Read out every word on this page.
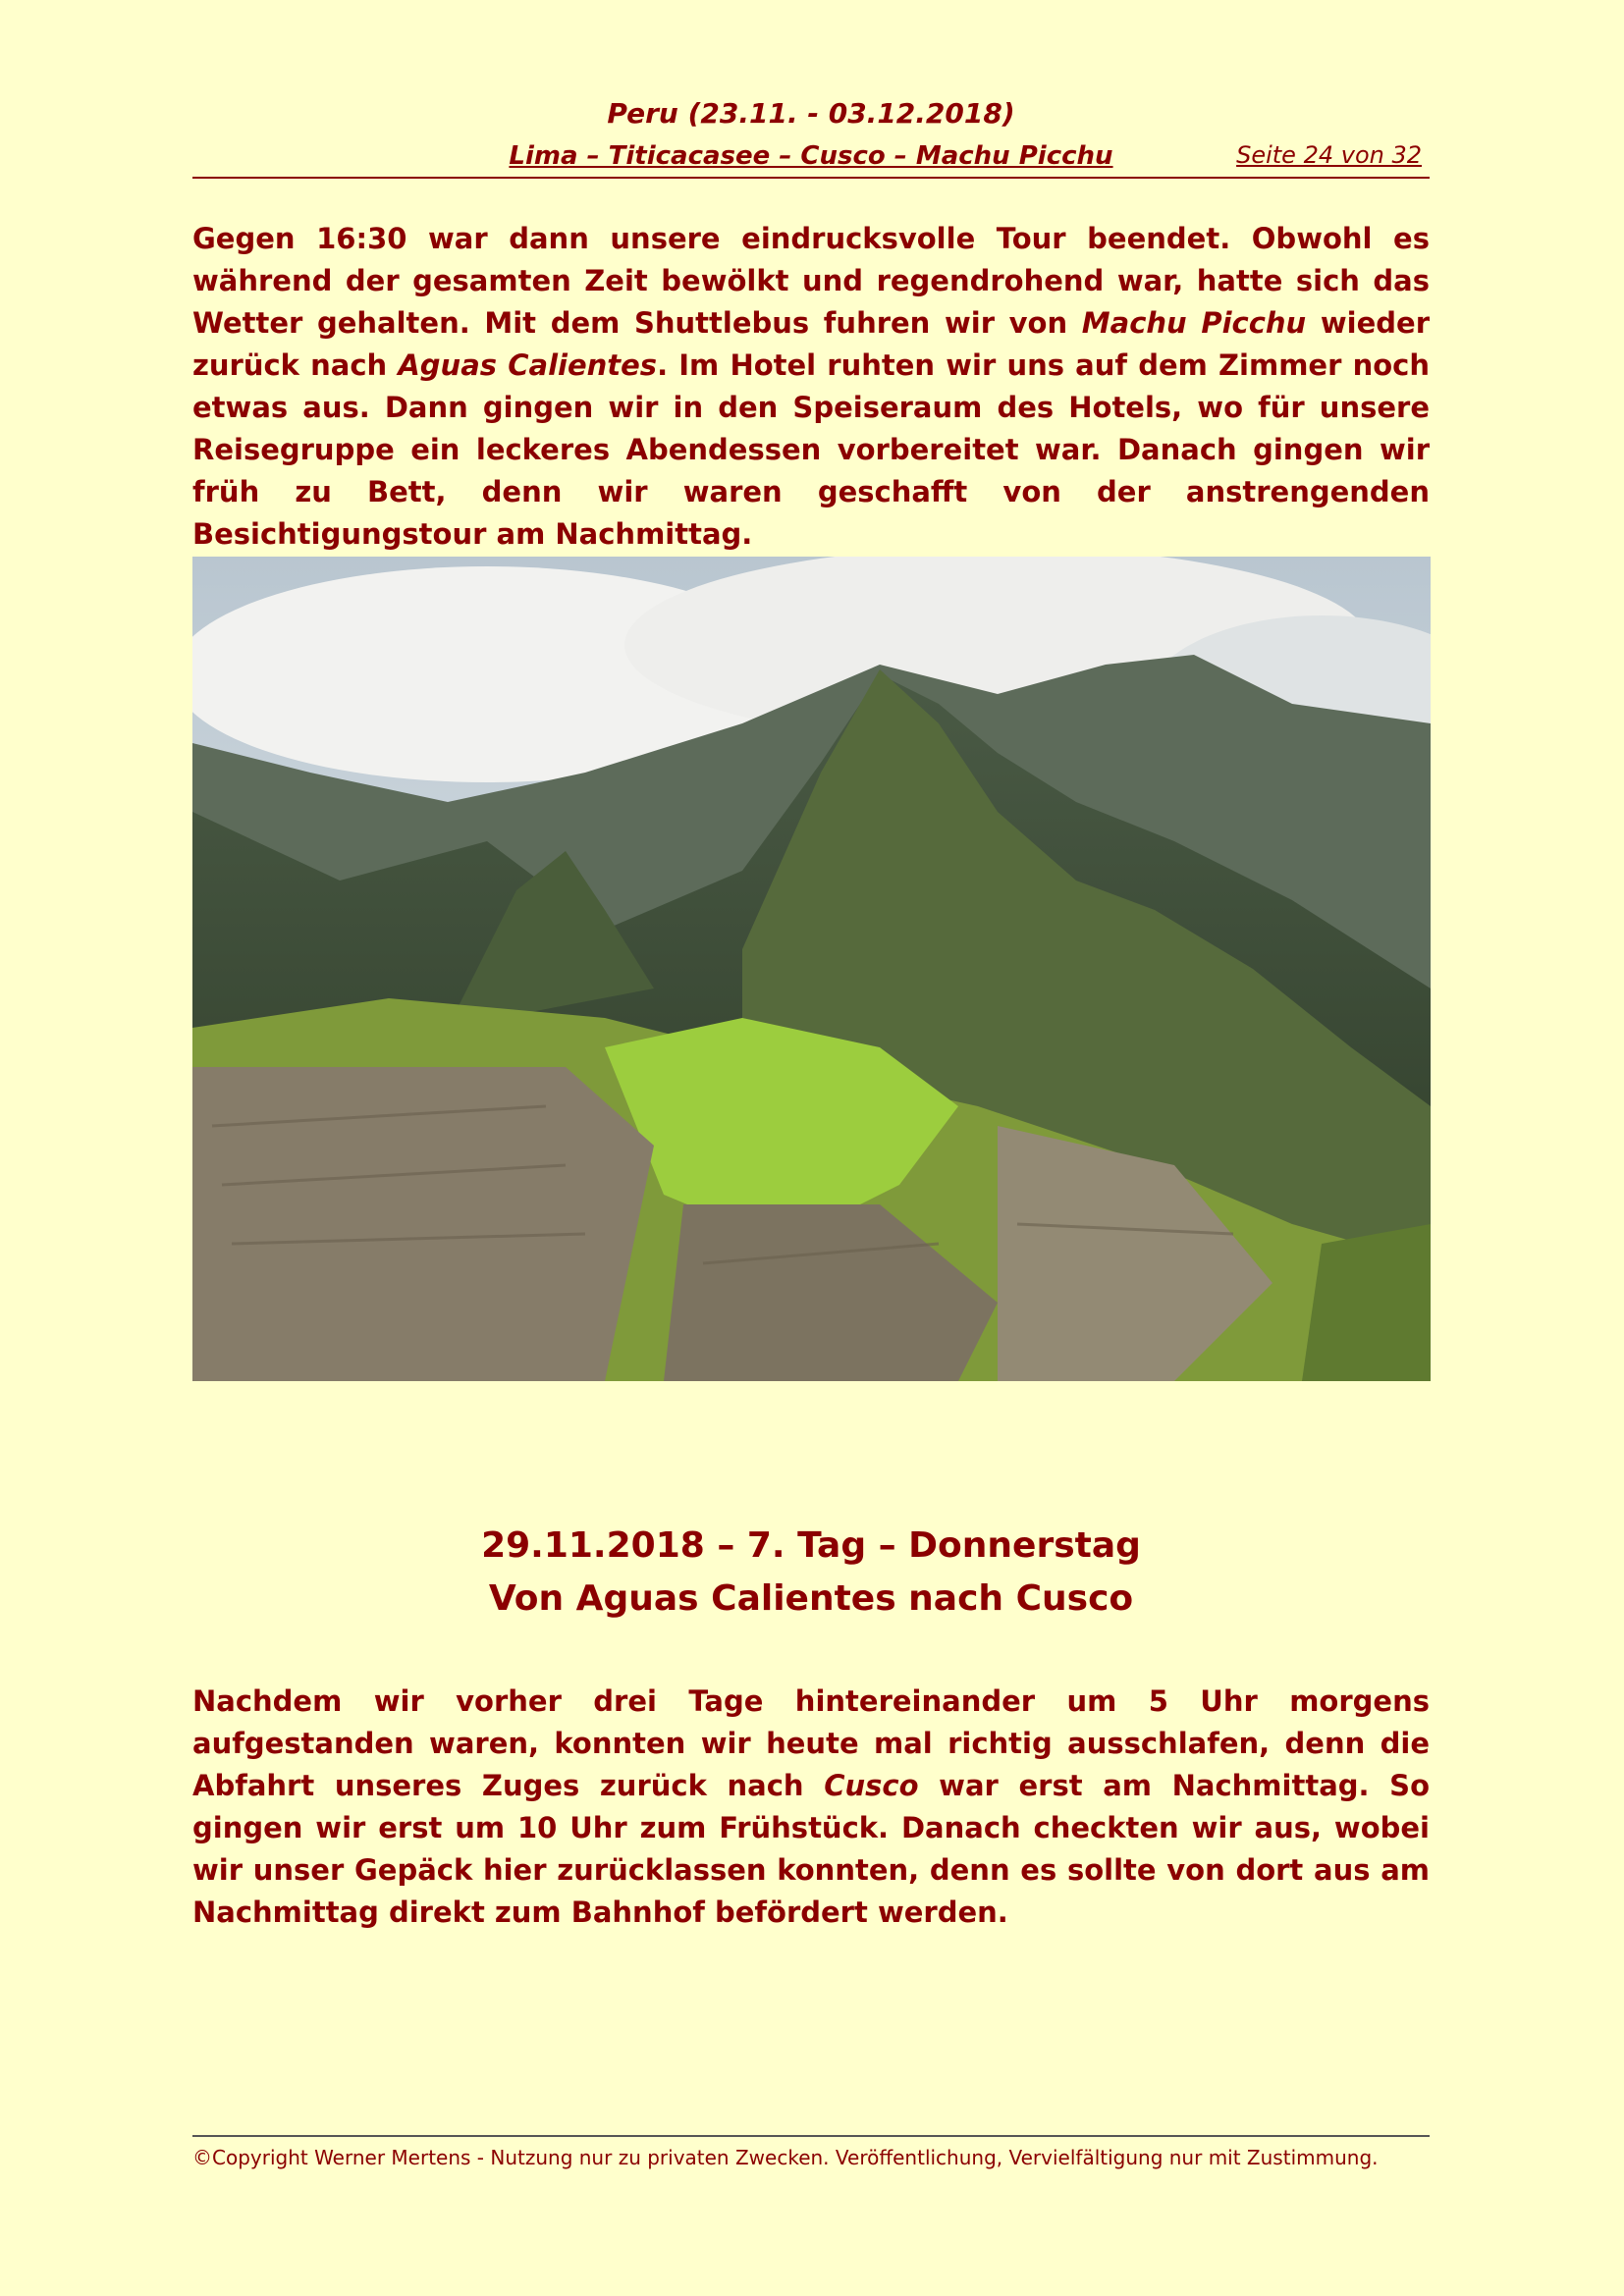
Peru (23.11. - 03.12.2018)
Lima – Titicacasee – Cusco – Machu Picchu	Seite 24 von 32

Gegen 16:30 war dann unsere eindrucksvolle Tour beendet. Obwohl es während der gesamten Zeit bewölkt und regendrohend war, hatte sich das Wetter gehalten. Mit dem Shuttlebus fuhren wir von Machu Picchu wieder zurück nach Aguas Calientes. Im Hotel ruhten wir uns auf dem Zimmer noch etwas aus. Dann gingen wir in den Speiseraum des Hotels, wo für unsere Reisegruppe ein leckeres Abendessen vorbereitet war. Danach gingen wir früh zu Bett, denn wir waren geschafft von der anstrengenden Besichtigungstour am Nachmittag.

29.11.2018 – 7. Tag – Donnerstag
Von Aguas Calientes nach Cusco

Nachdem wir vorher drei Tage hintereinander um 5 Uhr morgens aufgestanden waren, konnten wir heute mal richtig ausschlafen, denn die Abfahrt unseres Zuges zurück nach Cusco war erst am Nachmittag. So gingen wir erst um 10 Uhr zum Frühstück. Danach checkten wir aus, wobei wir unser Gepäck hier zurücklassen konnten, denn es sollte von dort aus am Nachmittag direkt zum Bahnhof befördert werden.

©Copyright Werner Mertens - Nutzung nur zu privaten Zwecken. Veröffentlichung, Vervielfältigung nur mit Zustimmung.
